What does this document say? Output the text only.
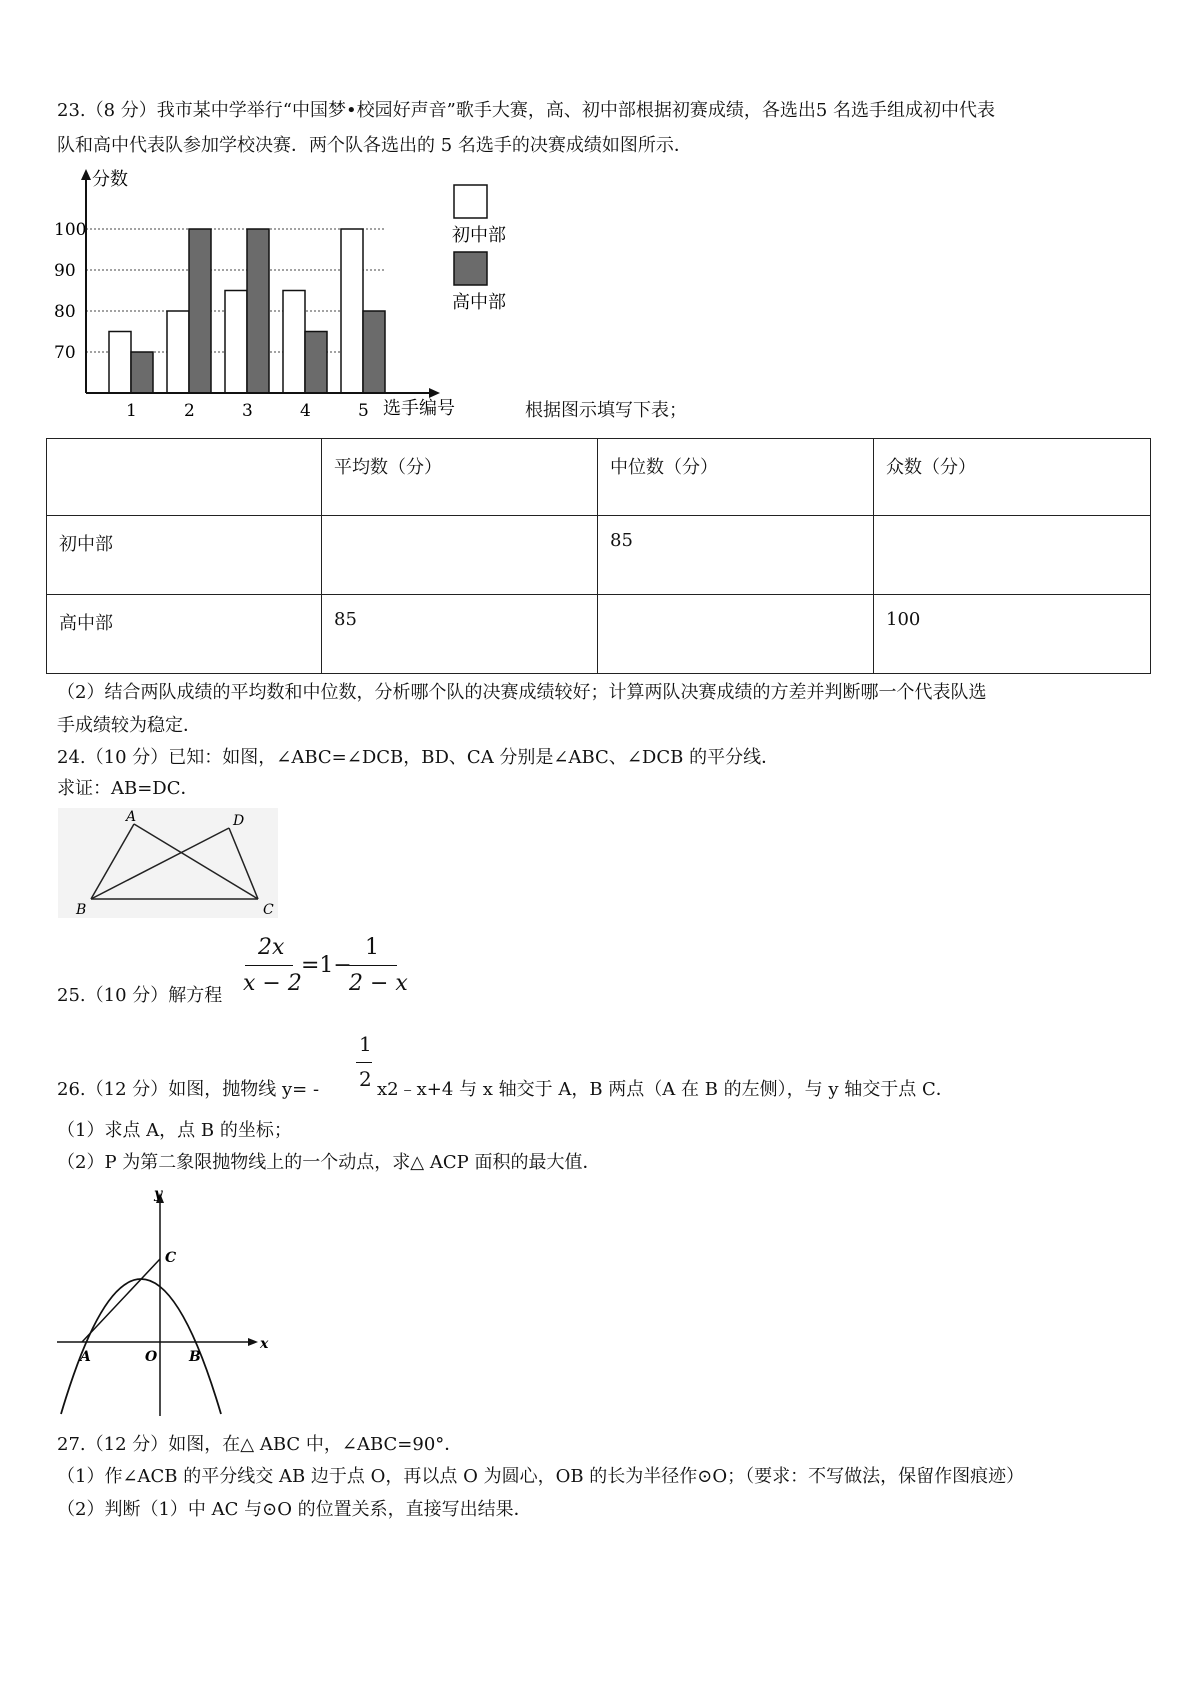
23.（8 分）我市某中学举行“中国梦•校园好声音”歌手大赛，高、初中部根据初赛成绩，各选出5 名选手组成初中代表
队和高中代表队参加学校决赛．两个队各选出的 5 名选手的决赛成绩如图所示．
70
80
90
100
1	2	3	4	5
分数
选手编号
初中部
高中部
根据图示填写下表；
	平均数（分）	中位数（分）	众数（分）
初中部		85	
高中部	85		100
（2）结合两队成绩的平均数和中位数，分析哪个队的决赛成绩较好；计算两队决赛成绩的方差并判断哪一个代表队选
手成绩较为稳定．
24.（10 分）已知：如图，∠ABC=∠DCB，BD、CA 分别是∠ABC、∠DCB 的平分线．
求证：AB=DC．
A	D
B	C
25.（10 分）解方程
2x
x − 2
=1−
1
2 − x
1
2
26.（12 分）如图，抛物线 y= -	x2﹣x+4 与 x 轴交于 A，B 两点（A 在 B 的左侧），与 y 轴交于点 C．
（1）求点 A，点 B 的坐标；
（2）P 为第二象限抛物线上的一个动点，求△ ACP 面积的最大值．
y
x
C
A	O B
27.（12 分）如图，在△ ABC 中，∠ABC=90°．
（1）作∠ACB 的平分线交 AB 边于点 O，再以点 O 为圆心，OB 的长为半径作⊙O；（要求：不写做法，保留作图痕迹）
（2）判断（1）中 AC 与⊙O 的位置关系，直接写出结果．
